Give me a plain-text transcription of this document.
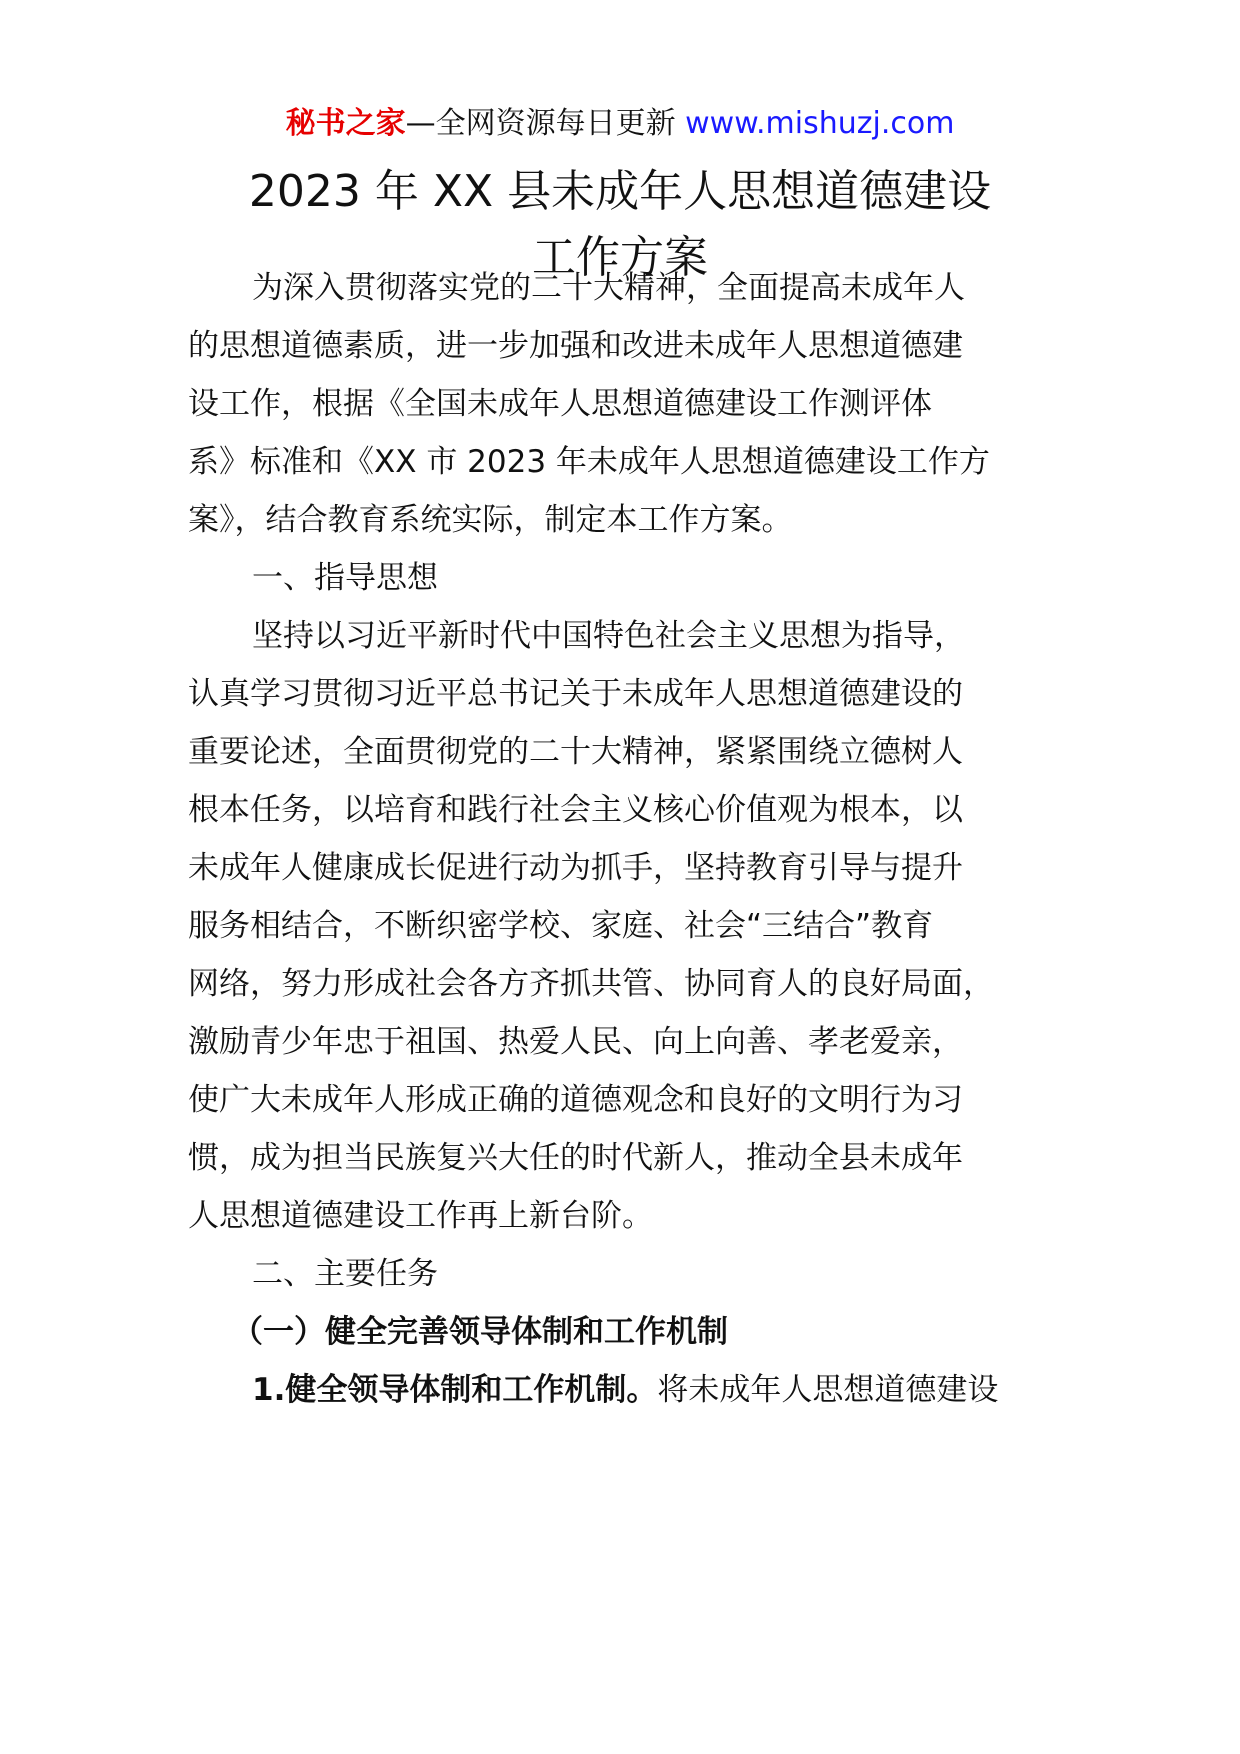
秘书之家—全网资源每日更新 www.mishuzj.com
2023 年 XX 县未成年人思想道德建设
工作方案
为深入贯彻落实党的二十大精神，全面提高未成年人
的思想道德素质，进一步加强和改进未成年人思想道德建
设工作，根据《全国未成年人思想道德建设工作测评体
系》标准和《XX 市 2023 年未成年人思想道德建设工作方
案》，结合教育系统实际，制定本工作方案。
一、指导思想
坚持以习近平新时代中国特色社会主义思想为指导，
认真学习贯彻习近平总书记关于未成年人思想道德建设的
重要论述，全面贯彻党的二十大精神，紧紧围绕立德树人
根本任务，以培育和践行社会主义核心价值观为根本，以
未成年人健康成长促进行动为抓手，坚持教育引导与提升
服务相结合，不断织密学校、家庭、社会“三结合”教育
网络，努力形成社会各方齐抓共管、协同育人的良好局面，
激励青少年忠于祖国、热爱人民、向上向善、孝老爱亲，
使广大未成年人形成正确的道德观念和良好的文明行为习
惯，成为担当民族复兴大任的时代新人，推动全县未成年
人思想道德建设工作再上新台阶。
二、主要任务
（一）健全完善领导体制和工作机制
1.健全领导体制和工作机制。将未成年人思想道德建设
